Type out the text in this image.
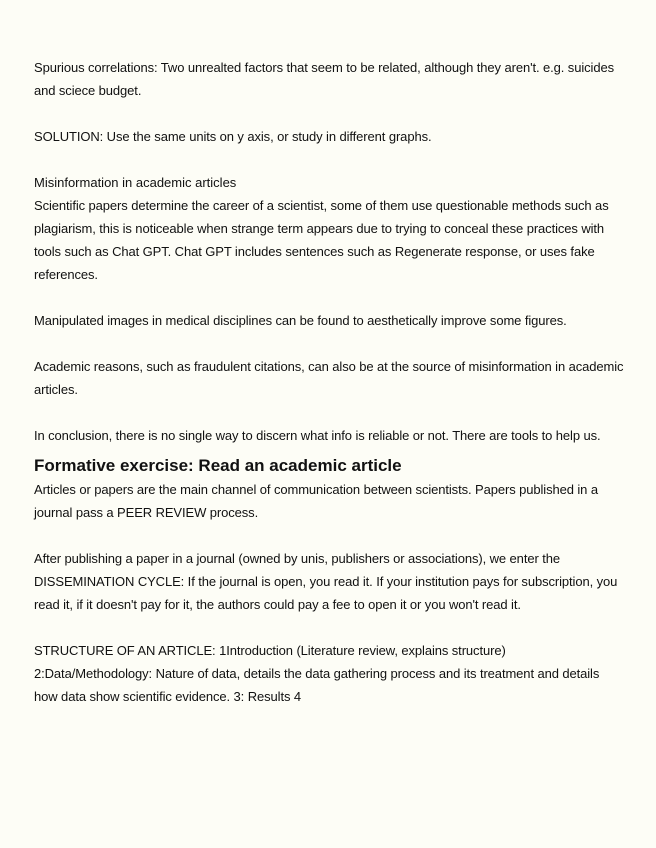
Spurious correlations: Two unrealted factors that seem to be related, although they aren't. e.g. suicides and sciece budget.

SOLUTION: Use the same units on y axis, or study in different graphs.

Misinformation in academic articles

Scientific papers determine the career of a scientist, some of them use questionable methods such as plagiarism, this is noticeable when strange term appears due to trying to conceal these practices with tools such as Chat GPT. Chat GPT includes sentences such as Regenerate response, or uses fake references.

Manipulated images in medical disciplines can be found to aesthetically improve some figures.

Academic reasons, such as fraudulent citations, can also be at the source of misinformation in academic articles.

In conclusion, there is no single way to discern what info is reliable or not. There are tools to help us.

Formative exercise: Read an academic article

Articles or papers are the main channel of communication between scientists. Papers published in a journal pass a PEER REVIEW process.

After publishing a paper in a journal (owned by unis, publishers or associations), we enter the DISSEMINATION CYCLE: If the journal is open, you read it. If your institution pays for subscription, you read it, if it doesn't pay for it, the authors could pay a fee to open it or you won't read it.

STRUCTURE OF AN ARTICLE: 1Introduction (Literature review, explains structure) 2:Data/Methodology: Nature of data, details the data gathering process and its treatment and details how data show scientific evidence. 3: Results 4
